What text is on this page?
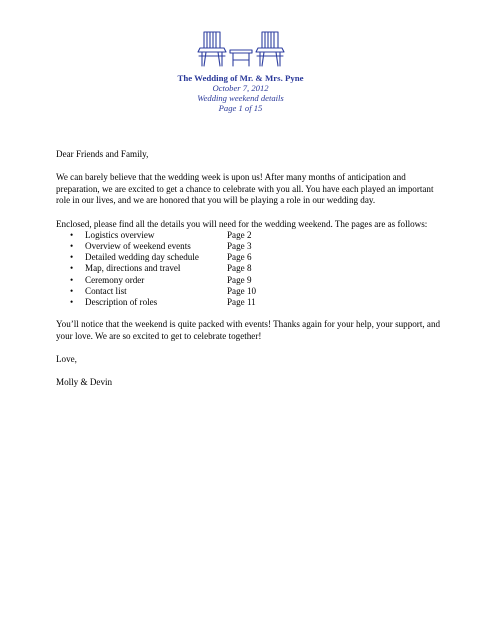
The Wedding of Mr. & Mrs. Pyne
October 7, 2012
Wedding weekend details
Page 1 of 15

Dear Friends and Family,

We can barely believe that the wedding week is upon us! After many months of anticipation and preparation, we are excited to get a chance to celebrate with you all. You have each played an important role in our lives, and we are honored that you will be playing a role in our wedding day.

Enclosed, please find all the details you will need for the wedding weekend. The pages are as follows:

• Logistics overview	Page 2
• Overview of weekend events	Page 3
• Detailed wedding day schedule	Page 6
• Map, directions and travel	Page 8
• Ceremony order	Page 9
• Contact list	Page 10
• Description of roles	Page 11

You’ll notice that the weekend is quite packed with events! Thanks again for your help, your support, and your love. We are so excited to get to celebrate together!

Love,

Molly & Devin
